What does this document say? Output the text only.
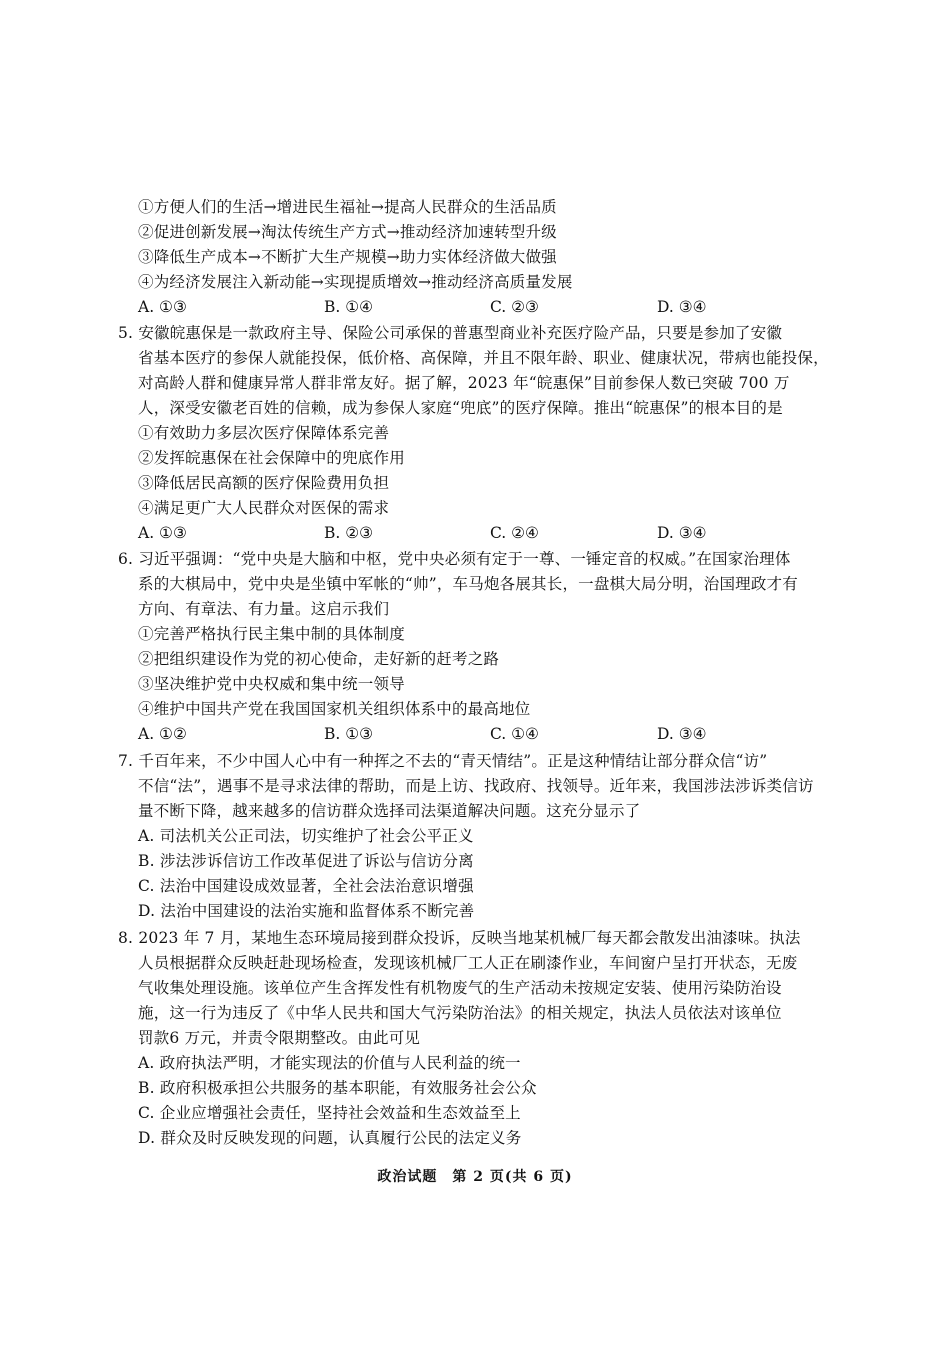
①方便人们的生活→增进民生福祉→提高人民群众的生活品质
②促进创新发展→淘汰传统生产方式→推动经济加速转型升级
③降低生产成本→不断扩大生产规模→助力实体经济做大做强
④为经济发展注入新动能→实现提质增效→推动经济高质量发展
A. ①③	B. ①④	C. ②③	D. ③④
5. 安徽皖惠保是一款政府主导、保险公司承保的普惠型商业补充医疗险产品，只要是参加了安徽
省基本医疗的参保人就能投保，低价格、高保障，并且不限年龄、职业、健康状况，带病也能投保，
对高龄人群和健康异常人群非常友好。据了解，2023 年“皖惠保”目前参保人数已突破 700 万
人，深受安徽老百姓的信赖，成为参保人家庭“兜底”的医疗保障。推出“皖惠保”的根本目的是
①有效助力多层次医疗保障体系完善
②发挥皖惠保在社会保障中的兜底作用
③降低居民高额的医疗保险费用负担
④满足更广大人民群众对医保的需求
A. ①③	B. ②③	C. ②④	D. ③④
6. 习近平强调：“党中央是大脑和中枢，党中央必须有定于一尊、一锤定音的权威。”在国家治理体
系的大棋局中，党中央是坐镇中军帐的“帅”，车马炮各展其长，一盘棋大局分明，治国理政才有
方向、有章法、有力量。这启示我们
①完善严格执行民主集中制的具体制度
②把组织建设作为党的初心使命，走好新的赶考之路
③坚决维护党中央权威和集中统一领导
④维护中国共产党在我国国家机关组织体系中的最高地位
A. ①②	B. ①③	C. ①④	D. ③④
7. 千百年来，不少中国人心中有一种挥之不去的“青天情结”。正是这种情结让部分群众信“访”
不信“法”，遇事不是寻求法律的帮助，而是上访、找政府、找领导。近年来，我国涉法涉诉类信访
量不断下降，越来越多的信访群众选择司法渠道解决问题。这充分显示了
A. 司法机关公正司法，切实维护了社会公平正义
B. 涉法涉诉信访工作改革促进了诉讼与信访分离
C. 法治中国建设成效显著，全社会法治意识增强
D. 法治中国建设的法治实施和监督体系不断完善
8. 2023 年 7 月，某地生态环境局接到群众投诉，反映当地某机械厂每天都会散发出油漆味。执法
人员根据群众反映赶赴现场检查，发现该机械厂工人正在刷漆作业，车间窗户呈打开状态，无废
气收集处理设施。该单位产生含挥发性有机物废气的生产活动未按规定安装、使用污染防治设
施，这一行为违反了《中华人民共和国大气污染防治法》的相关规定，执法人员依法对该单位
罚款6 万元，并责令限期整改。由此可见
A. 政府执法严明，才能实现法的价值与人民利益的统一
B. 政府积极承担公共服务的基本职能，有效服务社会公众
C. 企业应增强社会责任，坚持社会效益和生态效益至上
D. 群众及时反映发现的问题，认真履行公民的法定义务
政治试题　第 2 页(共 6 页)
